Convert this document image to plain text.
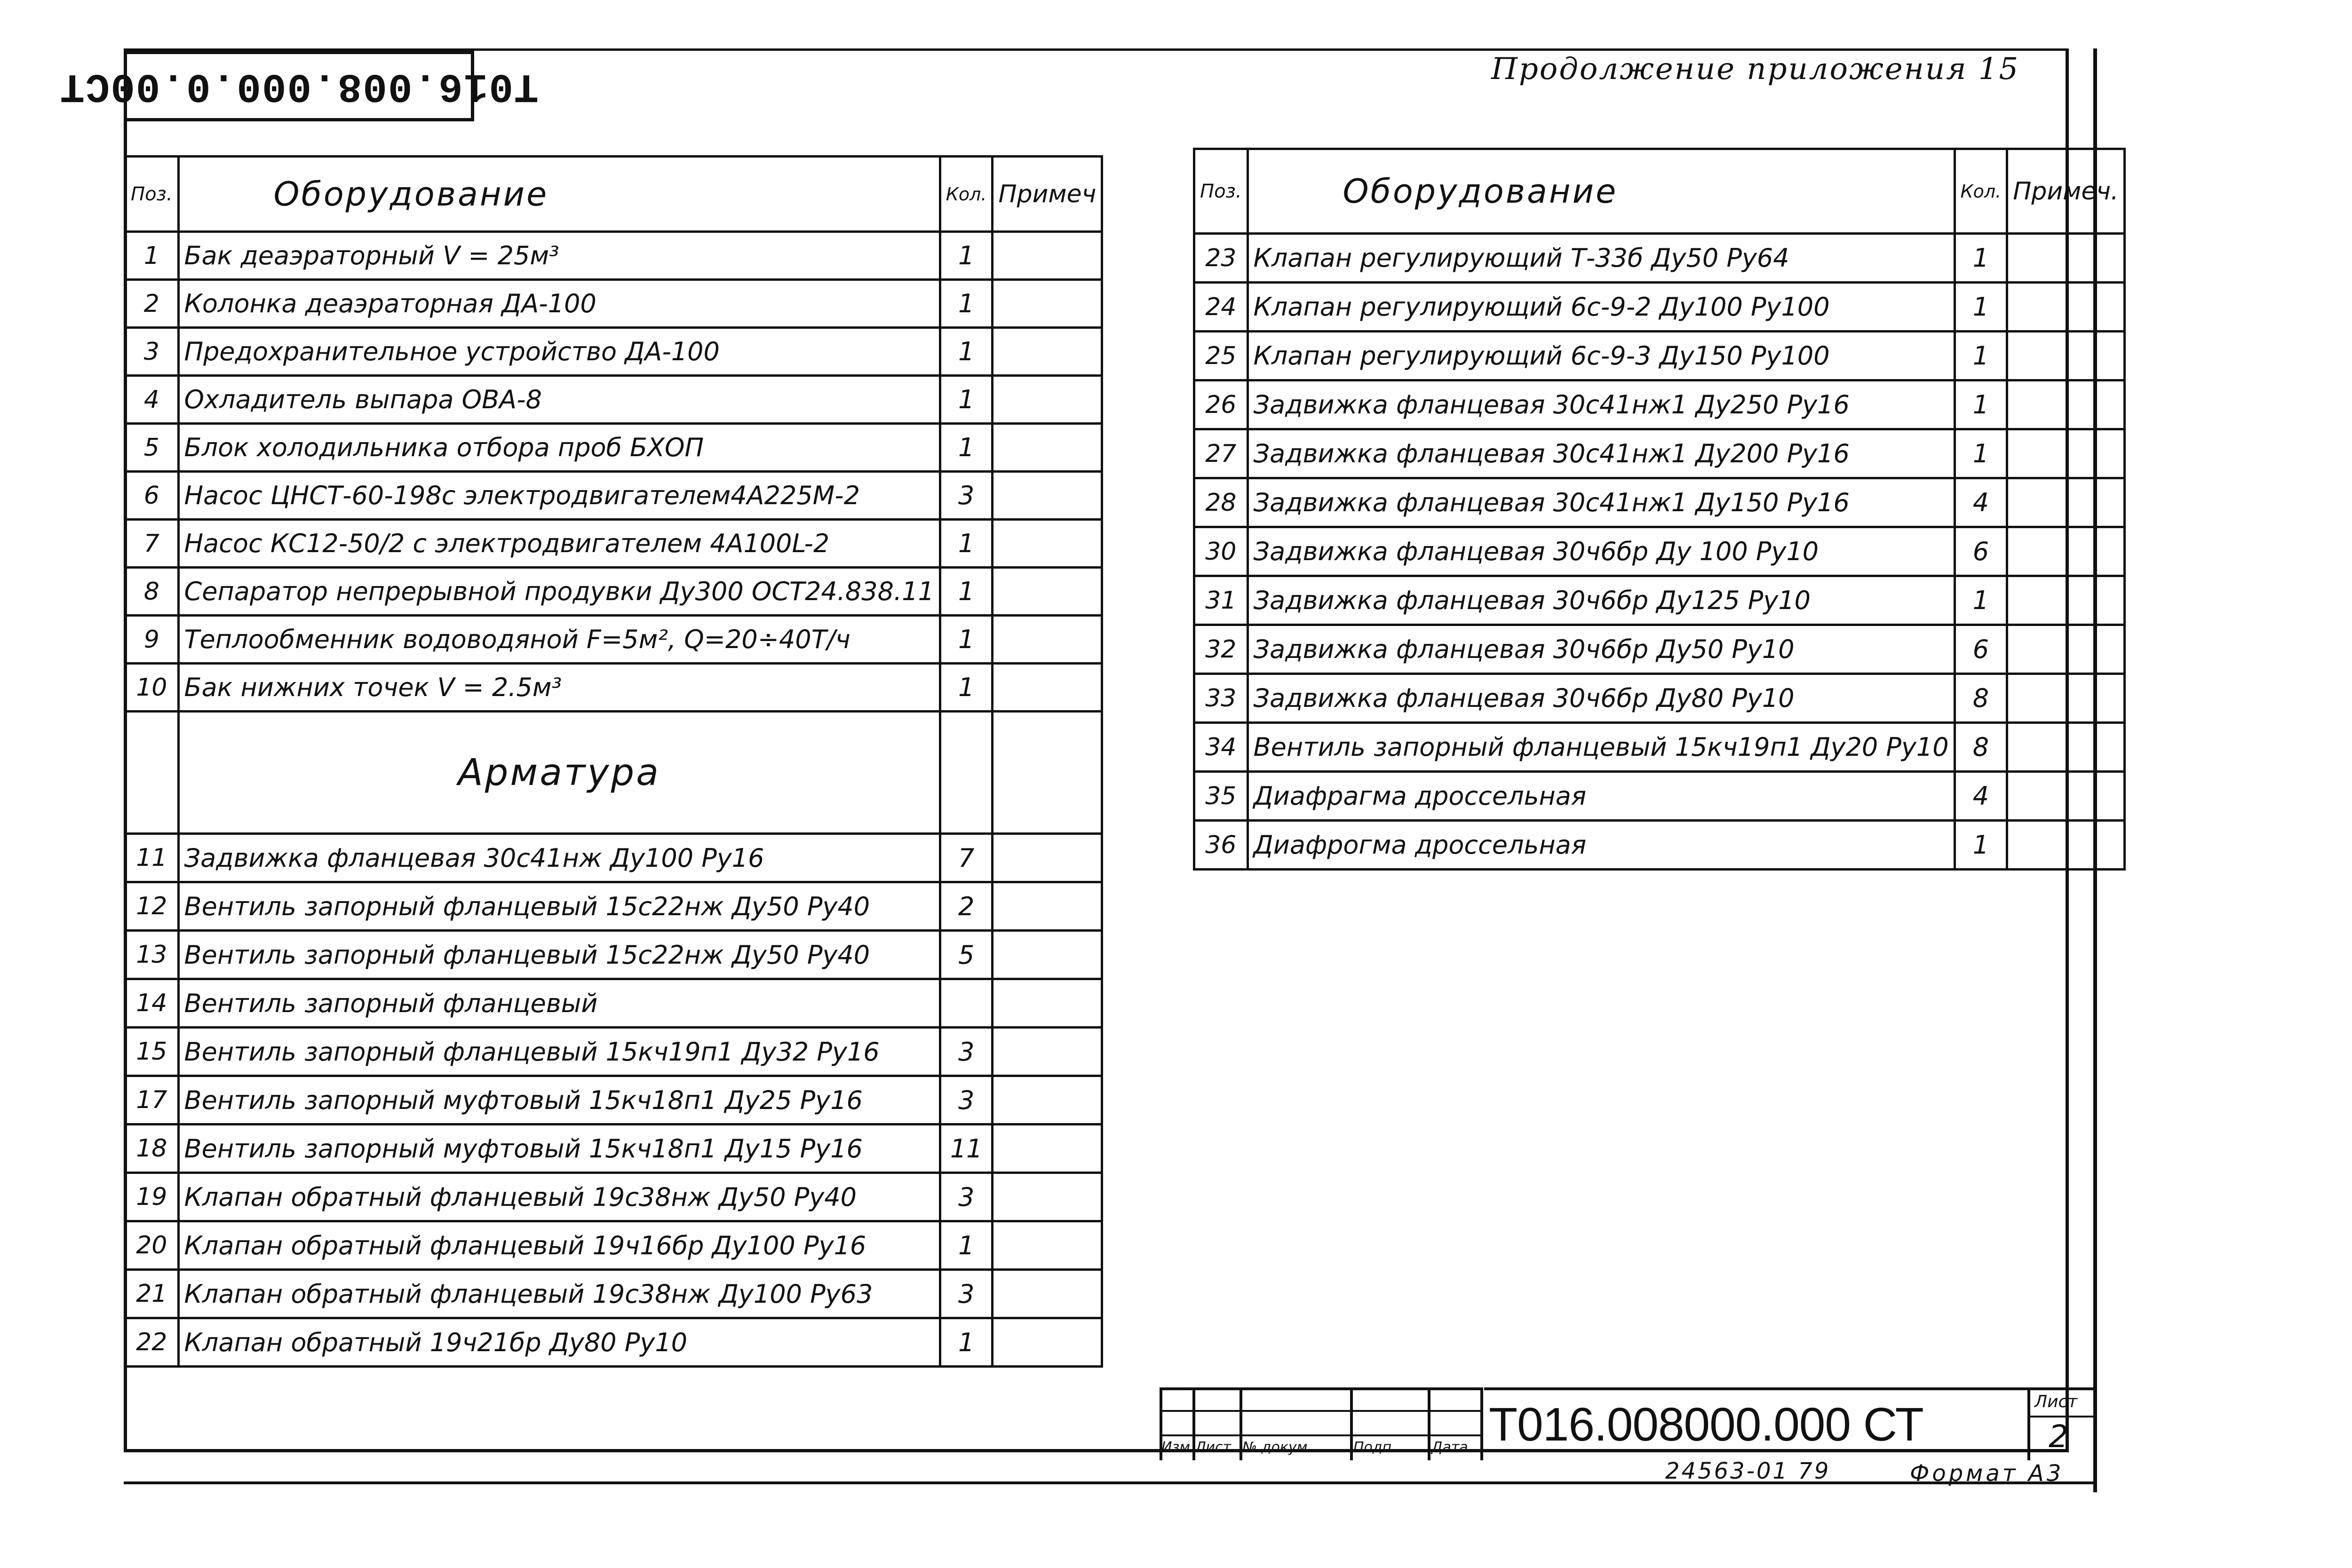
Т016.008.000.0.00СТ	Продолжение приложения 15
Поз.	Оборудование	Кол.	Примеч
1	Бак деаэраторный V = 25м³	1	
2	Колонка деаэраторная ДА-100	1	
3	Предохранительное устройство ДА-100	1	
4	Охладитель выпара ОВА-8	1	
5	Блок холодильника отбора проб БХОП	1	
6	Насос ЦНСТ-60-198с электродвигателем4А225М-2	3	
7	Насос КС12-50/2 с электродвигателем 4А100L-2	1	
8	Сепаратор непрерывной продувки Ду300 ОСТ24.838.11	1	
9	Теплообменник водоводяной F=5м², Q=20÷40Т/ч	1	
10	Бак нижних точек V = 2.5м³	1	
	Арматура		
11	Задвижка фланцевая 30с41нж Ду100 Ру16	7	
12	Вентиль запорный фланцевый 15с22нж Ду50 Ру40	2	
13	Вентиль запорный фланцевый 15с22нж Ду50 Ру40	5	
14	Вентиль запорный фланцевый		
15	Вентиль запорный фланцевый 15кч19п1 Ду32 Ру16	3	
17	Вентиль запорный муфтовый 15кч18п1 Ду25 Ру16	3	
18	Вентиль запорный муфтовый 15кч18п1 Ду15 Ру16	11	
19	Клапан обратный фланцевый 19с38нж Ду50 Ру40	3	
20	Клапан обратный фланцевый 19ч16бр Ду100 Ру16	1	
21	Клапан обратный фланцевый 19с38нж Ду100 Ру63	3	
22	Клапан обратный 19ч21бр Ду80 Ру10	1	
Поз.	Оборудование	Кол.	Примеч.
23	Клапан регулирующий Т-33б Ду50 Ру64	1	
24	Клапан регулирующий 6с-9-2 Ду100 Ру100	1	
25	Клапан регулирующий 6с-9-3 Ду150 Ру100	1	
26	Задвижка фланцевая 30с41нж1 Ду250 Ру16	1	
27	Задвижка фланцевая 30с41нж1 Ду200 Ру16	1	
28	Задвижка фланцевая 30с41нж1 Ду150 Ру16	4	
30	Задвижка фланцевая 30ч6бр Ду 100 Ру10	6	
31	Задвижка фланцевая 30ч6бр Ду125 Ру10	1	
32	Задвижка фланцевая 30ч6бр Ду50 Ру10	6	
33	Задвижка фланцевая 30ч6бр Ду80 Ру10	8	
34	Вентиль запорный фланцевый 15кч19п1 Ду20 Ру10	8	
35	Диафрагма дроссельная	4	
36	Диафрогма дроссельная	1	
Изм Лист № докум.	Подп.	Дата Т016.008000.000 СТ	Лист
2
24563-01 79	Формат А3
